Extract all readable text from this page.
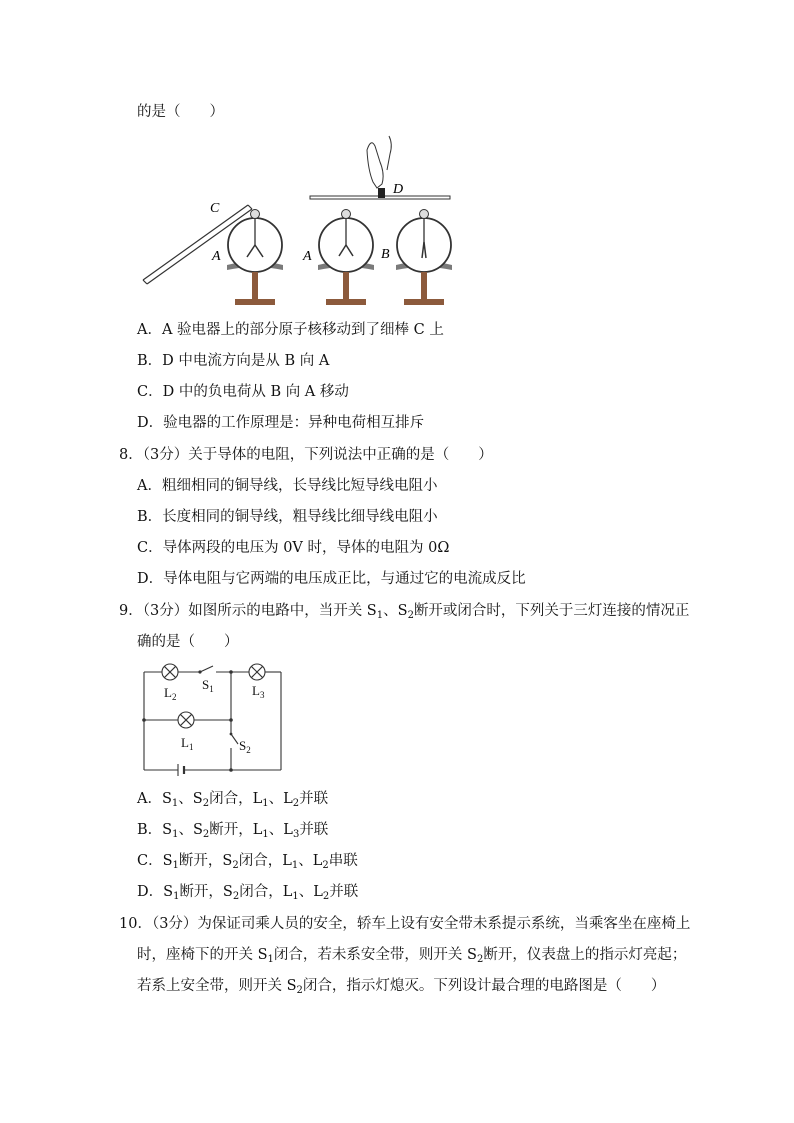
的是（　　）
C
A
D
A	B
A．A 验电器上的部分原子核移动到了细棒 C 上
B．D 中电流方向是从 B 向 A
C．D 中的负电荷从 B 向 A 移动
D．验电器的工作原理是：异种电荷相互排斥
8．（3分）关于导体的电阻，下列说法中正确的是（　　）
A．粗细相同的铜导线，长导线比短导线电阻小
B．长度相同的铜导线，粗导线比细导线电阻小
C．导体两段的电压为 0V 时，导体的电阻为 0Ω
D．导体电阻与它两端的电压成正比，与通过它的电流成反比
9．（3分）如图所示的电路中，当开关 $S_1$、$S_2$断开或闭合时，下列关于三灯连接的情况正
确的是（　　）
$L_2$
$S_1$	$L_3$
$L_1$	$S_2$
A．$S_1$、$S_2$闭合，$L_1$、$L_2$并联
B．$S_1$、$S_2$断开，$L_1$、$L_3$并联
C．$S_1$断开，$S_2$闭合，$L_1$、$L_2$串联
D．$S_1$断开，$S_2$闭合，$L_1$、$L_2$并联
10．（3分）为保证司乘人员的安全，轿车上设有安全带未系提示系统，当乘客坐在座椅上
时，座椅下的开关 $S_1$闭合，若未系安全带，则开关 $S_2$断开，仪表盘上的指示灯亮起；
若系上安全带，则开关 $S_2$闭合，指示灯熄灭。下列设计最合理的电路图是（　　）
